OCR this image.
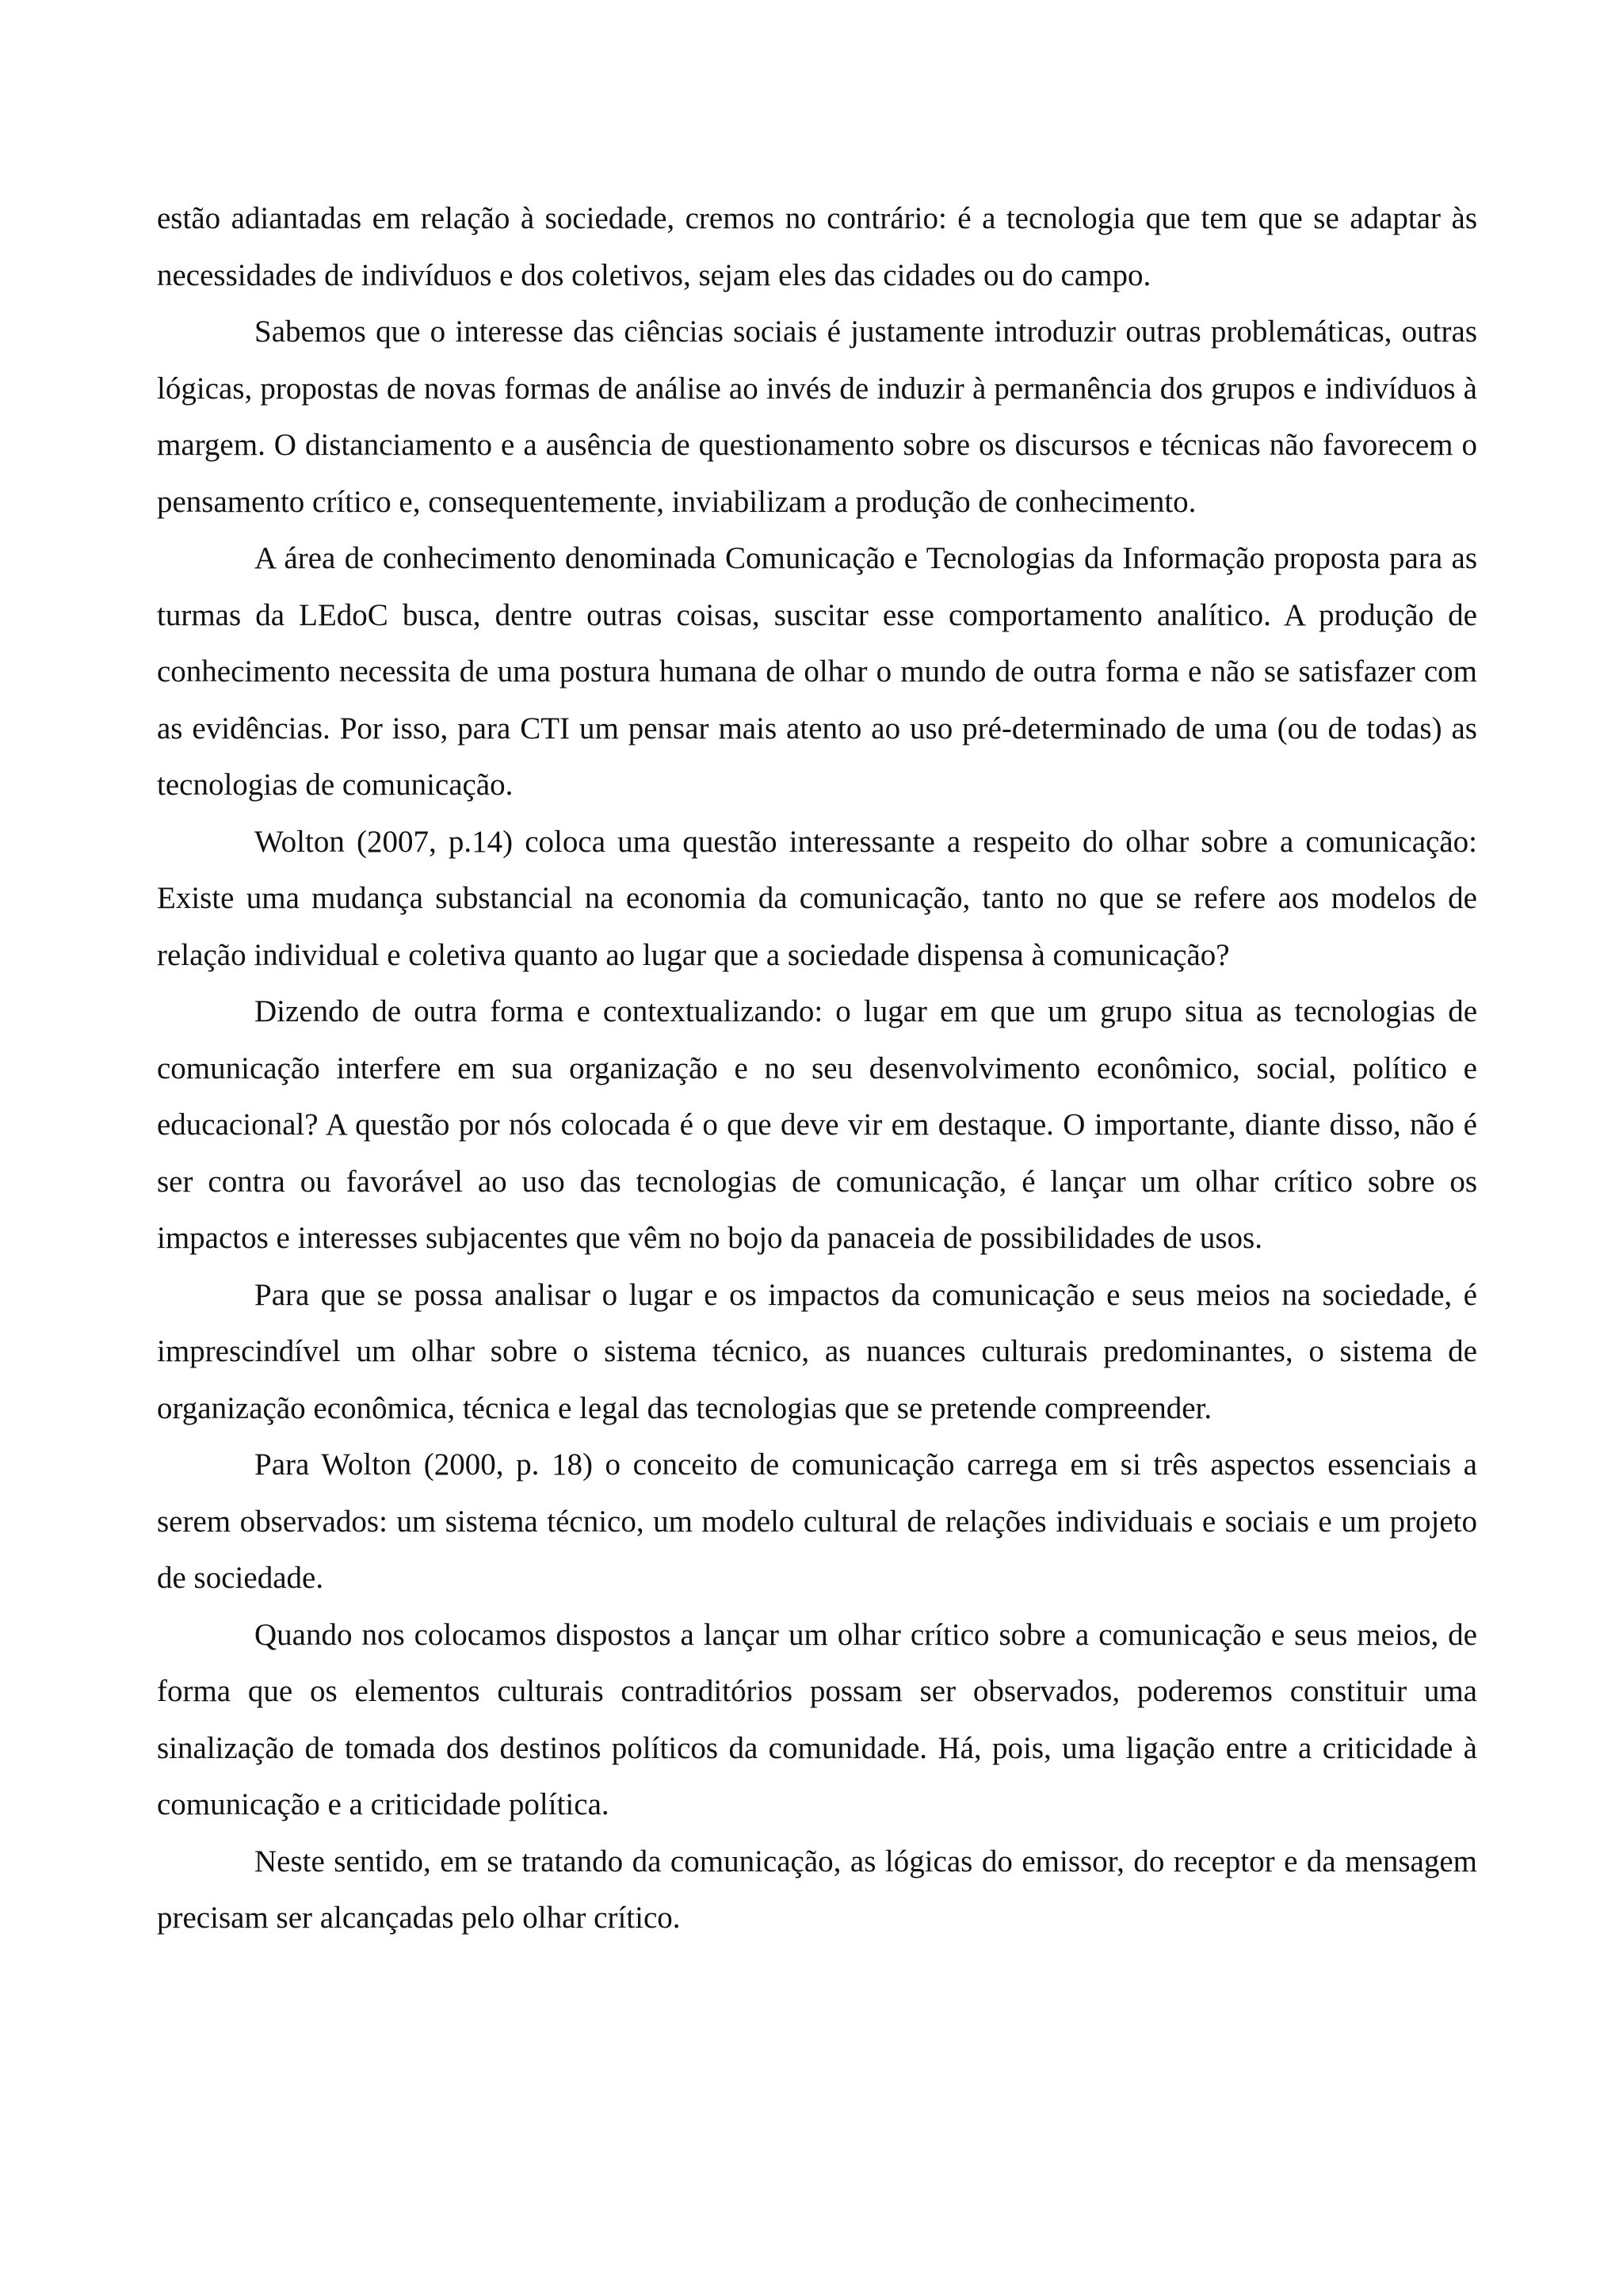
estão adiantadas em relação à sociedade, cremos no contrário: é a tecnologia que tem que se adaptar às necessidades de indivíduos e dos coletivos, sejam eles das cidades ou do campo.

Sabemos que o interesse das ciências sociais é justamente introduzir outras problemáticas, outras lógicas, propostas de novas formas de análise ao invés de induzir à permanência dos grupos e indivíduos à margem. O distanciamento e a ausência de questionamento sobre os discursos e técnicas não favorecem o pensamento crítico e, consequentemente, inviabilizam a produção de conhecimento.

A área de conhecimento denominada Comunicação e Tecnologias da Informação proposta para as turmas da LEdoC busca, dentre outras coisas, suscitar esse comportamento analítico. A produção de conhecimento necessita de uma postura humana de olhar o mundo de outra forma e não se satisfazer com as evidências. Por isso, para CTI um pensar mais atento ao uso pré-determinado de uma (ou de todas) as tecnologias de comunicação.

Wolton (2007, p.14) coloca uma questão interessante a respeito do olhar sobre a comunicação: Existe uma mudança substancial na economia da comunicação, tanto no que se refere aos modelos de relação individual e coletiva quanto ao lugar que a sociedade dispensa à comunicação?

Dizendo de outra forma e contextualizando: o lugar em que um grupo situa as tecnologias de comunicação interfere em sua organização e no seu desenvolvimento econômico, social, político e educacional? A questão por nós colocada é o que deve vir em destaque. O importante, diante disso, não é ser contra ou favorável ao uso das tecnologias de comunicação, é lançar um olhar crítico sobre os impactos e interesses subjacentes que vêm no bojo da panaceia de possibilidades de usos.

Para que se possa analisar o lugar e os impactos da comunicação e seus meios na sociedade, é imprescindível um olhar sobre o sistema técnico, as nuances culturais predominantes, o sistema de organização econômica, técnica e legal das tecnologias que se pretende compreender.

Para Wolton (2000, p. 18) o conceito de comunicação carrega em si três aspectos essenciais a serem observados: um sistema técnico, um modelo cultural de relações individuais e sociais e um projeto de sociedade.

Quando nos colocamos dispostos a lançar um olhar crítico sobre a comunicação e seus meios, de forma que os elementos culturais contraditórios possam ser observados, poderemos constituir uma sinalização de tomada dos destinos políticos da comunidade. Há, pois, uma ligação entre a criticidade à comunicação e a criticidade política.

Neste sentido, em se tratando da comunicação, as lógicas do emissor, do receptor e da mensagem precisam ser alcançadas pelo olhar crítico.
